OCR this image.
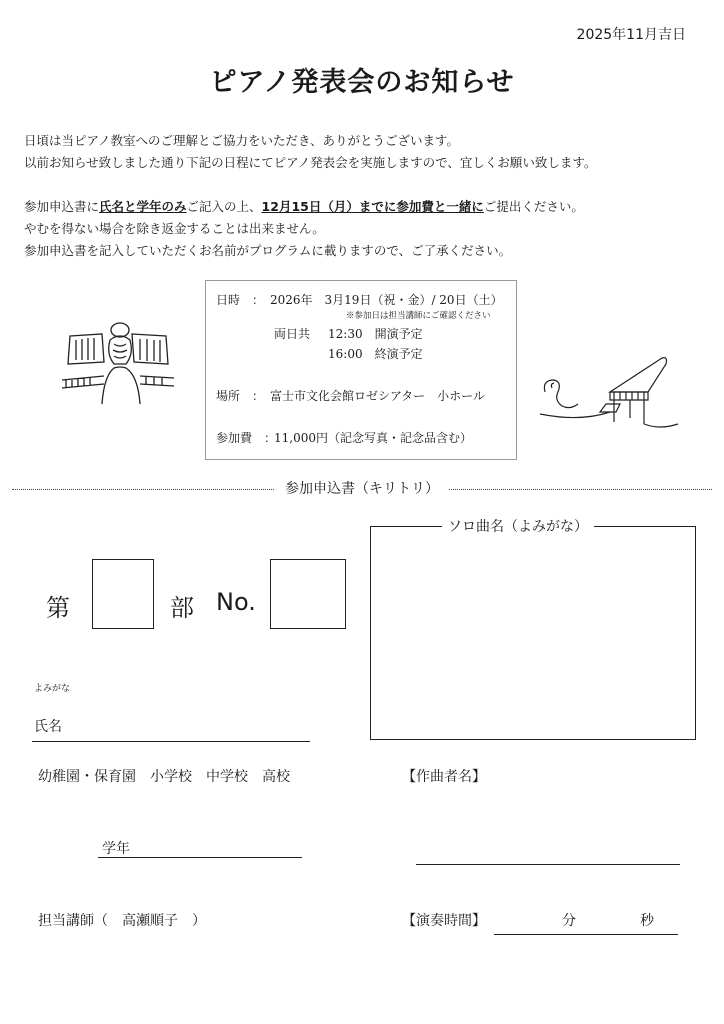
2025年11月吉日
ピアノ発表会のお知らせ
日頃は当ピアノ教室へのご理解とご協力をいただき、ありがとうございます。
以前お知らせ致しました通り下記の日程にてピアノ発表会を実施しますので、宜しくお願い致します。
参加申込書に氏名と学年のみご記入の上、12月15日（月）までに参加費と一緒にご提出ください。
やむを得ない場合を除き返金することは出来ません。
参加申込書を記入していただくお名前がプログラムに載りますので、ご了承ください。
日時　： 2026年　3月19日（祝・金）/ 20日（土）
※参加日は担当講師にご確認ください
両日共 12:30　開演予定
16:00　終演予定
場所　： 富士市文化会館ロゼシアター　小ホール
参加費　：
11,000円（記念写真・記念品含む）
参加申込書（キリトリ）
第	部 No.
よみがな
氏名
幼稚園・保育園　小学校　中学校　高校
学年
担当講師（　高瀬順子　）
ソロ曲名（よみがな）
【作曲者名】
【演奏時間】	分	秒
